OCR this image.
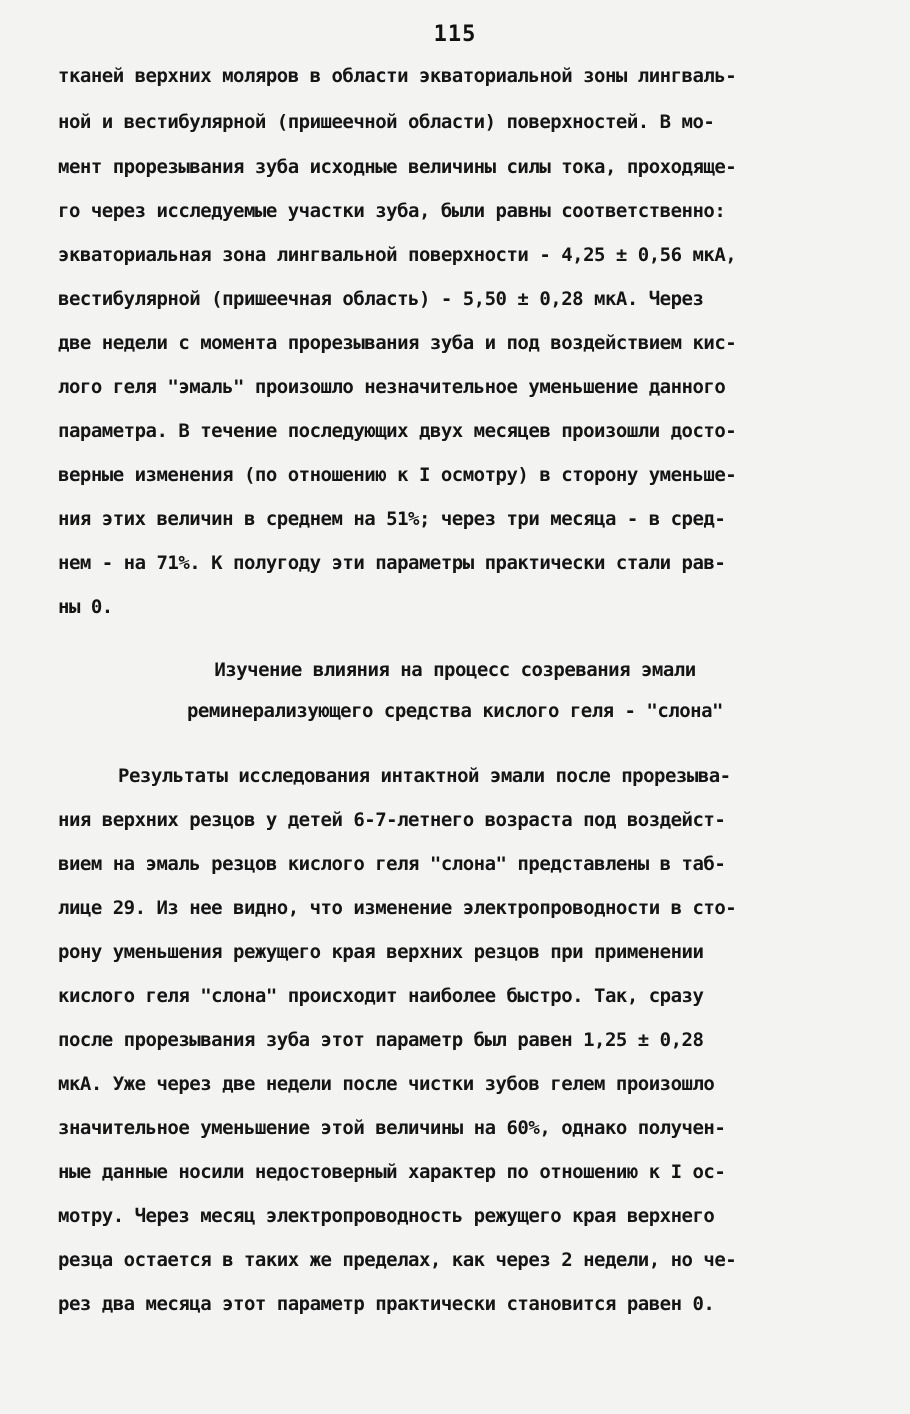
115
тканей верхних моляров в области экваториальной зоны лингваль-
ной и вестибулярной (пришеечной области) поверхностей. В мо-
мент прорезывания зуба исходные величины силы тока, проходяще-
го через исследуемые участки зуба, были равны соответственно:
экваториальная зона лингвальной поверхности - 4,25 ± 0,56 мкА,
вестибулярной (пришеечная область) - 5,50 ± 0,28 мкА. Через
две недели с момента прорезывания зуба и под воздействием кис-
лого геля "эмаль" произошло незначительное уменьшение данного
параметра. В течение последующих двух месяцев произошли досто-
верные изменения (по отношению к I осмотру) в сторону уменьше-
ния этих величин в среднем на 51%; через три месяца - в сред-
нем - на 71%. К полугоду эти параметры практически стали рав-
ны 0.
Изучение влияния на процесс созревания эмали
реминерализующего средства кислого геля - "слона"
Результаты исследования интактной эмали после прорезыва-
ния верхних резцов у детей 6-7-летнего возраста под воздейст-
вием на эмаль резцов кислого геля "слона" представлены в таб-
лице 29. Из нее видно, что изменение электропроводности в сто-
рону уменьшения режущего края верхних резцов при применении
кислого геля "слона" происходит наиболее быстро. Так, сразу
после прорезывания зуба этот параметр был равен 1,25 ± 0,28
мкА. Уже через две недели после чистки зубов гелем произошло
значительное уменьшение этой величины на 60%, однако получен-
ные данные носили недостоверный характер по отношению к I ос-
мотру. Через месяц электропроводность режущего края верхнего
резца остается в таких же пределах, как через 2 недели, но че-
рез два месяца этот параметр практически становится равен 0.
